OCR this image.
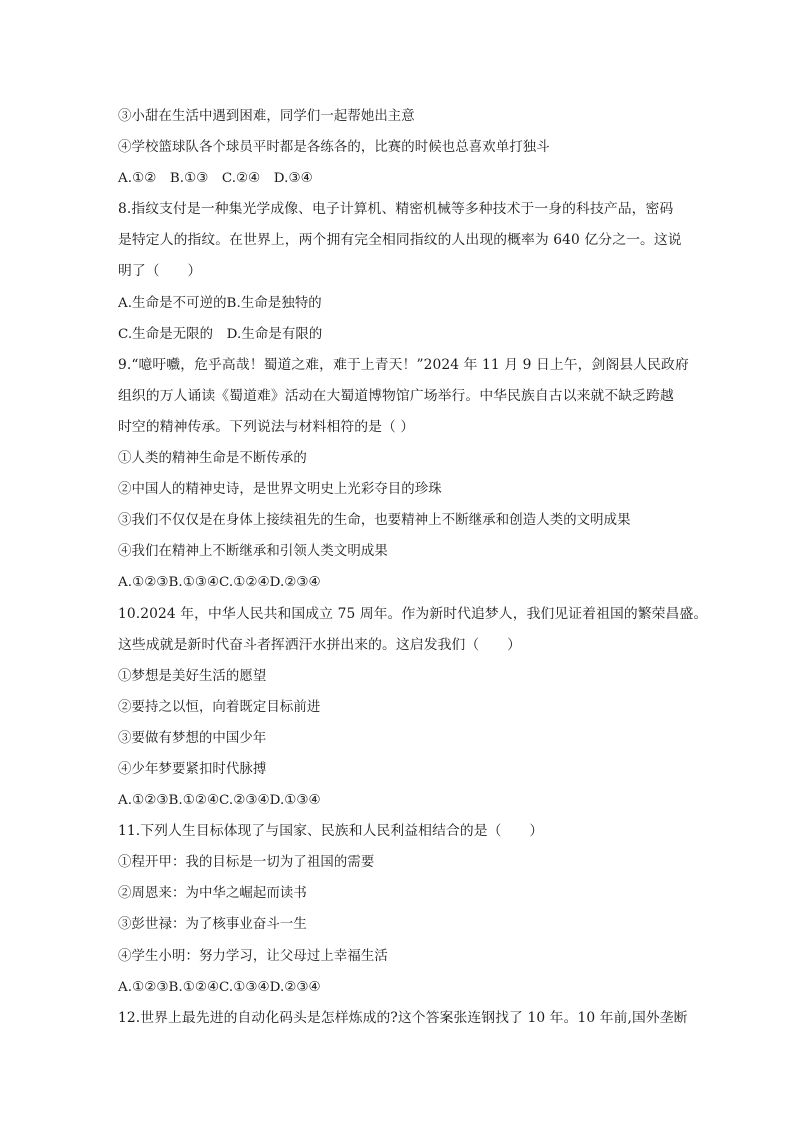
③小甜在生活中遇到困难，同学们一起帮她出主意
④学校篮球队各个球员平时都是各练各的，比赛的时候也总喜欢单打独斗
A.①②　B.①③　C.②④　D.③④
8.指纹支付是一种集光学成像、电子计算机、精密机械等多种技术于一身的科技产品，密码
是特定人的指纹。在世界上，两个拥有完全相同指纹的人出现的概率为 640 亿分之一。这说
明了（　　）
A.生命是不可逆的B.生命是独特的
C.生命是无限的　D.生命是有限的
9.“噫吁嚱，危乎高哉！蜀道之难，难于上青天！”2024 年 11 月 9 日上午，剑阁县人民政府
组织的万人诵读《蜀道难》活动在大蜀道博物馆广场举行。中华民族自古以来就不缺乏跨越
时空的精神传承。下列说法与材料相符的是（ ）
①人类的精神生命是不断传承的
②中国人的精神史诗，是世界文明史上光彩夺目的珍珠
③我们不仅仅是在身体上接续祖先的生命，也要精神上不断继承和创造人类的文明成果
④我们在精神上不断继承和引领人类文明成果
A.①②③B.①③④C.①②④D.②③④
10.2024 年，中华人民共和国成立 75 周年。作为新时代追梦人，我们见证着祖国的繁荣昌盛。
这些成就是新时代奋斗者挥洒汗水拼出来的。这启发我们（　　）
①梦想是美好生活的愿望
②要持之以恒，向着既定目标前进
③要做有梦想的中国少年
④少年梦要紧扣时代脉搏
A.①②③B.①②④C.②③④D.①③④
11.下列人生目标体现了与国家、民族和人民利益相结合的是（　　）
①程开甲：我的目标是一切为了祖国的需要
②周恩来：为中华之崛起而读书
③彭世禄：为了核事业奋斗一生
④学生小明：努力学习，让父母过上幸福生活
A.①②③B.①②④C.①③④D.②③④
12.世界上最先进的自动化码头是怎样炼成的?这个答案张连钢找了 10 年。10 年前,国外垄断
